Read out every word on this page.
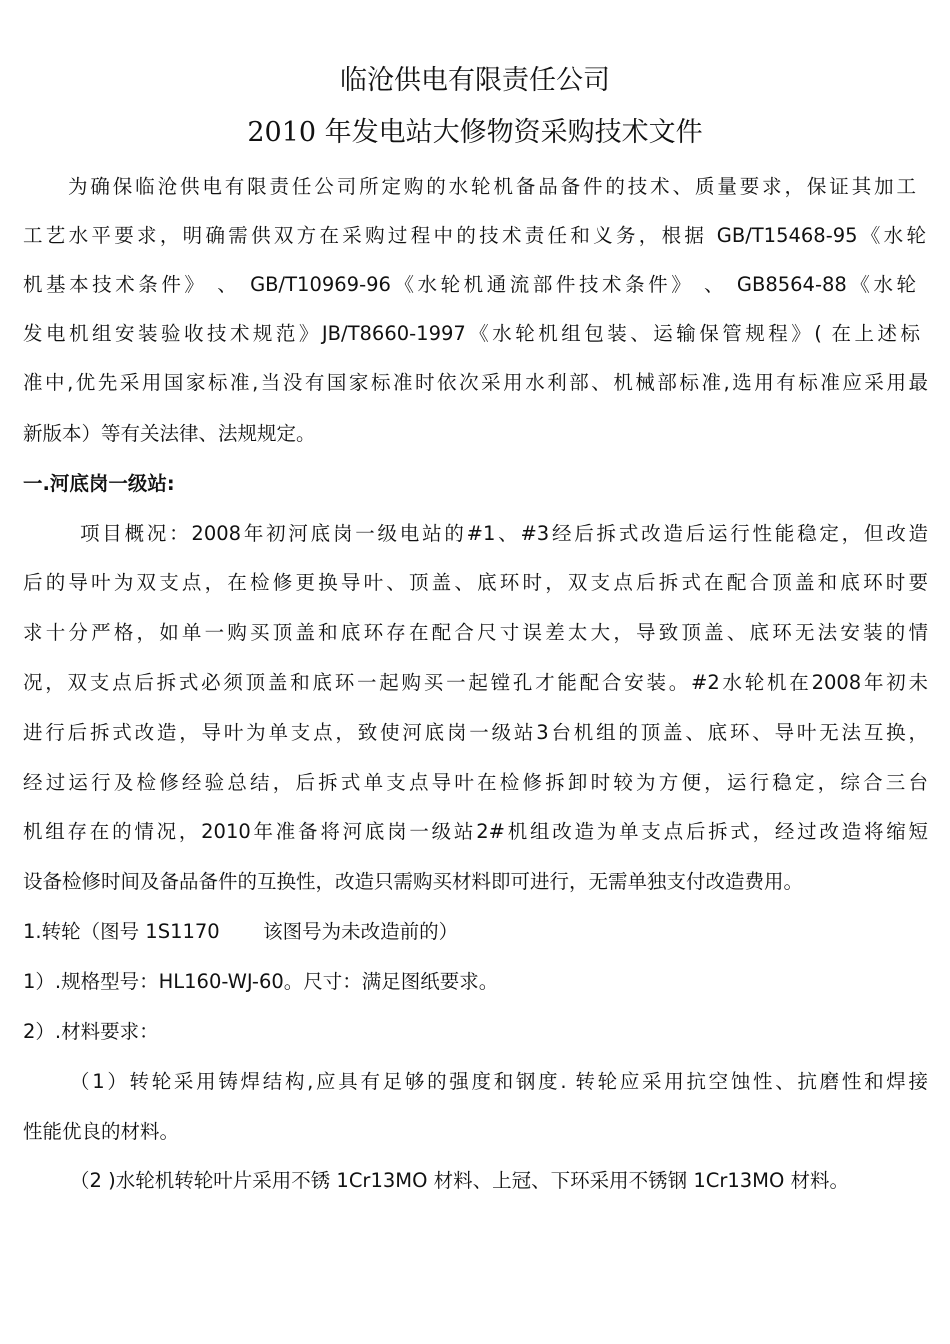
临沧供电有限责任公司
2010 年发电站大修物资采购技术文件
为确保临沧供电有限责任公司所定购的水轮机备品备件的技术、质量要求，保证其加工
工艺水平要求，明确需供双方在采购过程中的技术责任和义务，根据 GB/T15468-95《水轮
机基本技术条件》 、 GB/T10969-96《水轮机通流部件技术条件》 、 GB8564-88《水轮
发电机组安装验收技术规范》JB/T8660-1997《水轮机组包装、运输保管规程》( 在上述标
准中,优先采用国家标准,当没有国家标准时依次采用水利部、机械部标准,选用有标准应采用最
新版本）等有关法律、法规规定。
一.河底岗一级站:
项目概况：2008年初河底岗一级电站的#1、#3经后拆式改造后运行性能稳定，但改造
后的导叶为双支点，在检修更换导叶、顶盖、底环时，双支点后拆式在配合顶盖和底环时要
求十分严格，如单一购买顶盖和底环存在配合尺寸误差太大，导致顶盖、底环无法安装的情
况，双支点后拆式必须顶盖和底环一起购买一起镗孔才能配合安装。#2水轮机在2008年初未
进行后拆式改造，导叶为单支点，致使河底岗一级站3台机组的顶盖、底环、导叶无法互换，
经过运行及检修经验总结，后拆式单支点导叶在检修拆卸时较为方便，运行稳定，综合三台
机组存在的情况，2010年准备将河底岗一级站2#机组改造为单支点后拆式，经过改造将缩短
设备检修时间及备品备件的互换性，改造只需购买材料即可进行，无需单独支付改造费用。
1.转轮（图号 1S1170       该图号为未改造前的）
1）.规格型号：HL160-WJ-60。尺寸：满足图纸要求。
2）.材料要求：
（1）转轮采用铸焊结构,应具有足够的强度和钢度. 转轮应采用抗空蚀性、抗磨性和焊接
性能优良的材料。
（2 )水轮机转轮叶片采用不锈 1Cr13MO 材料、上冠、下环采用不锈钢 1Cr13MO 材料。
